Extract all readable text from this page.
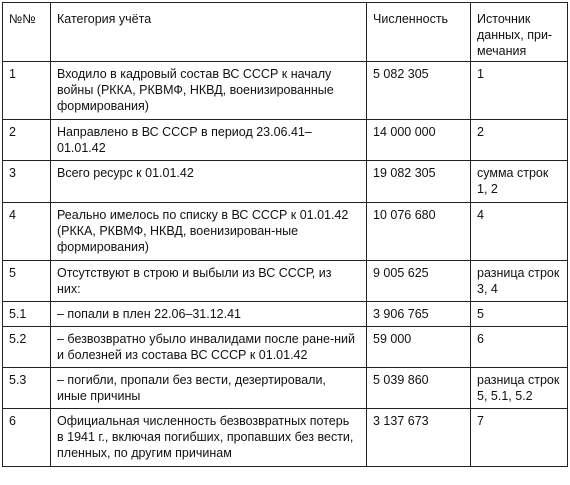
№№	Категория учёта	Численность	Источник данных, при-мечания
1	Входило в кадровый состав ВС СССР к началу войны (РККА, РКВМФ, НКВД, военизированные формирования)	5 082 305	1
2	Направлено в ВС СССР в период 23.06.41–01.01.42	14 000 000	2
3	Всего ресурс к 01.01.42	19 082 305	сумма строк 1, 2
4	Реально имелось по списку в ВС СССР к 01.01.42 (РККА, РКВМФ, НКВД, военизирован-ные формирования)	10 076 680	4
5	Отсутствуют в строю и выбыли из ВС СССР, из них:	9 005 625	разница строк 3, 4
5.1	– попали в плен 22.06–31.12.41	3 906 765	5
5.2	– безвозвратно убыло инвалидами после ране-ний и болезней из состава ВС СССР к 01.01.42	59 000	6
5.3	– погибли, пропали без вести, дезертировали, иные причины	5 039 860	разница строк 5, 5.1, 5.2
6	Официальная численность безвозвратных потерь в 1941 г., включая погибших, пропавших без вести, пленных, по другим причинам	3 137 673	7
